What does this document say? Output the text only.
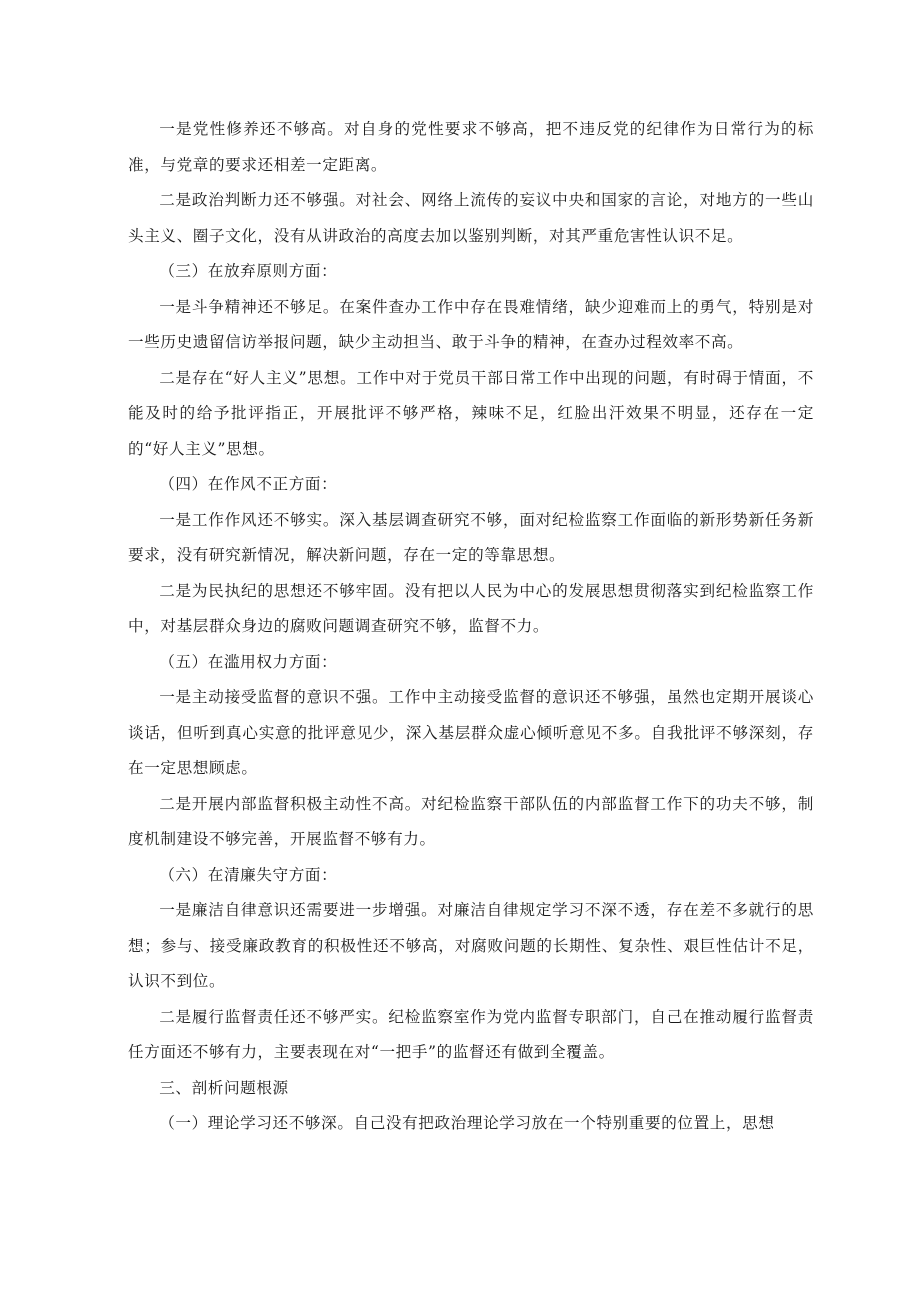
一是党性修养还不够高。对自身的党性要求不够高，把不违反党的纪律作为日常行为的标准，与党章的要求还相差一定距离。

二是政治判断力还不够强。对社会、网络上流传的妄议中央和国家的言论，对地方的一些山头主义、圈子文化，没有从讲政治的高度去加以鉴别判断，对其严重危害性认识不足。

（三）在放弃原则方面：

一是斗争精神还不够足。在案件查办工作中存在畏难情绪，缺少迎难而上的勇气，特别是对一些历史遗留信访举报问题，缺少主动担当、敢于斗争的精神，在查办过程效率不高。

二是存在“好人主义”思想。工作中对于党员干部日常工作中出现的问题，有时碍于情面，不能及时的给予批评指正，开展批评不够严格，辣味不足，红脸出汗效果不明显，还存在一定的“好人主义”思想。

（四）在作风不正方面：

一是工作作风还不够实。深入基层调查研究不够，面对纪检监察工作面临的新形势新任务新要求，没有研究新情况，解决新问题，存在一定的等靠思想。

二是为民执纪的思想还不够牢固。没有把以人民为中心的发展思想贯彻落实到纪检监察工作中，对基层群众身边的腐败问题调查研究不够，监督不力。

（五）在滥用权力方面：

一是主动接受监督的意识不强。工作中主动接受监督的意识还不够强，虽然也定期开展谈心谈话，但听到真心实意的批评意见少，深入基层群众虚心倾听意见不多。自我批评不够深刻，存在一定思想顾虑。

二是开展内部监督积极主动性不高。对纪检监察干部队伍的内部监督工作下的功夫不够，制度机制建设不够完善，开展监督不够有力。

（六）在清廉失守方面：

一是廉洁自律意识还需要进一步增强。对廉洁自律规定学习不深不透，存在差不多就行的思想；参与、接受廉政教育的积极性还不够高，对腐败问题的长期性、复杂性、艰巨性估计不足，认识不到位。

二是履行监督责任还不够严实。纪检监察室作为党内监督专职部门，自己在推动履行监督责任方面还不够有力，主要表现在对“一把手”的监督还有做到全覆盖。

三、剖析问题根源

（一）理论学习还不够深。自己没有把政治理论学习放在一个特别重要的位置上，思想
